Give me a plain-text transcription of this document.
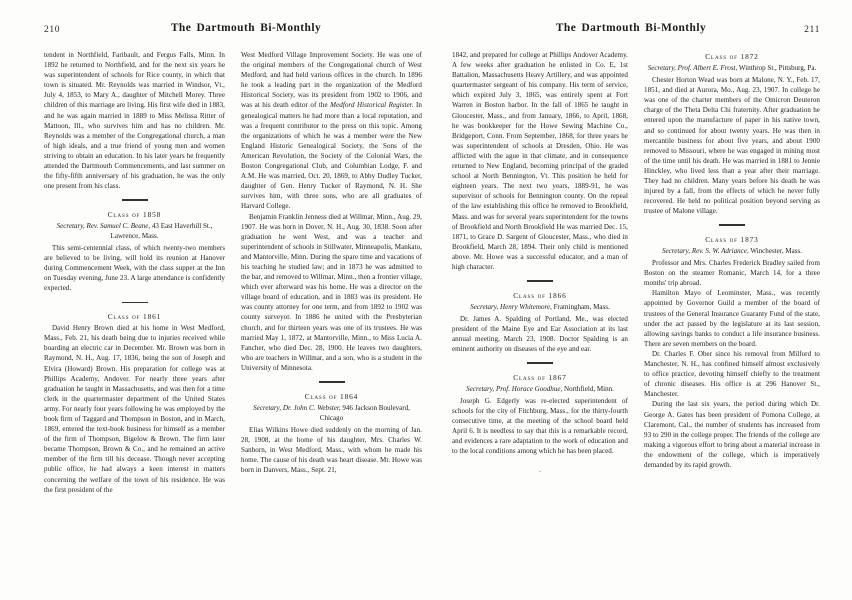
210	The Dartmouth Bi-Monthly

tendent in Northfield, Faribault, and Fergus Falls, Minn. In 1892 he returned to Northfield, and for the next six years he was superintendent of schools for Rice county, in which that town is situated. Mr. Reynolds was married in Windsor, Vt., July 4, 1853, to Mary A., daughter of Mitchell Morey. Three children of this marriage are living. His first wife died in 1883, and he was again married in 1889 to Miss Melissa Ritter of Mattoon, Ill., who survives him and has no children. Mr. Reynolds was a member of the Congregational church, a man of high ideals, and a true friend of young men and women striving to obtain an education. In his later years he frequently attended the Dartmouth Commencements, and last summer on the fifty-fifth anniversary of his graduation, he was the only one present from his class.

Class of 1858
Secretary, Rev. Samuel C. Beane, 43 East Haverhill St., Lawrence, Mass.

This semi-centennial class, of which twenty-two members are believed to be living, will hold its reunion at Hanover during Commencement Week, with the class supper at the Inn on Tuesday evening, June 23. A large attendance is confidently expected.

Class of 1861

David Henry Brown died at his home in West Medford, Mass., Feb. 21, his death being due to injuries received while boarding an electric car in December. Mr. Brown was born in Raymond, N. H., Aug. 17, 1836, being the son of Joseph and Elvira (Howard) Brown. His preparation for college was at Phillips Academy, Andover. For nearly three years after graduation he taught in Massachusetts, and was then for a time clerk in the quartermaster department of the United States army. For nearly four years following he was employed by the book firm of Taggard and Thompson in Boston, and in March, 1869, entered the text-book business for himself as a member of the firm of Thompson, Bigelow & Brown. The firm later became Thompson, Brown & Co., and he remained an active member of the firm till his decease. Though never accepting public office, he had always a keen interest in matters concerning the welfare of the town of his residence. He was the first president of the

West Medford Village Improvement Society. He was one of the original members of the Congregational church of West Medford, and had held various offices in the church. In 1896 he took a leading part in the organization of the Medford Historical Society, was its president from 1902 to 1906, and was at his death editor of the Medford Historical Register. In genealogical matters he had more than a local reputation, and was a frequent contributor to the press on this topic. Among the organizations of which he was a member were the New England Historic Genealogical Society, the Sons of the American Revolution, the Society of the Colonial Wars, the Boston Congregational Club, and Columbian Lodge, F. and A.M. He was married, Oct. 20, 1869, to Abby Dudley Tucker, daughter of Gen. Henry Tucker of Raymond, N. H. She survives him, with three sons, who are all graduates of Harvard College.

Benjamin Franklin Jenness died at Willmar, Minn., Aug. 29, 1907. He was born in Dover, N. H., Aug. 30, 1838. Soon after graduation he went West, and was a teacher and superintendent of schools in Stillwater, Minneapolis, Mankato, and Mantorville, Minn. During the spare time and vacations of his teaching he studied law; and in 1873 he was admitted to the bar, and removed to Willmar, Minn., then a frontier village, which ever afterward was his home. He was a director on the village board of education, and in 1883 was its president. He was county attorney for one term, and from 1892 to 1902 was county surveyor. In 1886 he united with the Presbyterian church, and for thirteen years was one of its trustees. He was married May 1, 1872, at Mantorville, Minn., to Miss Lucia A. Fancher, who died Dec. 28, 1900. He leaves two daughters, who are teachers in Willmar, and a son, who is a student in the University of Minnesota.

Class of 1864
Secretary, Dr. John C. Webster, 946 Jackson Boulevard, Chicago

Elias Wilkins Howe died suddenly on the morning of Jan. 28, 1908, at the home of his daughter, Mrs. Charles W. Sanborn, in West Medford, Mass., with whom he made his home. The cause of his death was heart disease. Mr. Howe was born in Danvers, Mass., Sept. 21,

211
The Dartmouth Bi-Monthly

1842, and prepared for college at Phillips Andover Academy. A few weeks after graduation he enlisted in Co. E, 1st Battalion, Massachusetts Heavy Artillery, and was appointed quartermaster sergeant of his company. His term of service, which expired July 3, 1865, was entirely spent at Fort Warren in Boston harbor. In the fall of 1865 he taught in Gloucester, Mass., and from January, 1866, to April, 1868, he was bookkeeper for the Howe Sewing Machine Co., Bridgeport, Conn. From September, 1868, for three years he was superintendent of schools at Dresden, Ohio. He was afflicted with the ague in that climate, and in consequence returned to New England, becoming principal of the graded school at North Bennington, Vt. This position he held for eighteen years. The next two years, 1889-91, he was supervisor of schools for Bennington county. On the repeal of the law establishing this office he removed to Brookfield, Mass. and was for several years superintendent for the towns of Brookfield and North Brookfield He was married Dec. 15, 1871, to Grace D. Sargent of Gloucester, Mass., who died in Brookfield, March 28, 1894. Their only child is mentioned above. Mr. Howe was a successful educator, and a man of high character.

Class of 1866
Secretary, Henry Whitemore, Framingham, Mass.

Dr. James A. Spalding of Portland, Me., was elected president of the Maine Eye and Ear Association at its last annual meeting, March 23, 1908. Doctor Spalding is an eminent authority on diseases of the eye and ear.

Class of 1867
Secretary, Prof. Horace Goodhue, Northfield, Minn.

Joseph G. Edgerly was re-elected superintendent of schools for the city of Fitchburg, Mass., for the thirty-fourth consecutive time, at the meeting of the school board held April 6. It is needless to say that this is a remarkable record, and evidences a rare adaptation to the work of education and to the local conditions among which he has been placed.

.
Class of 1872
Secretary, Prof. Albert E. Frost, Winthrop St., Pittsburg, Pa.

Chester Horton Wead was born at Malone, N. Y., Feb. 17, 1851, and died at Aurora, Mo., Aug. 23, 1907. In college he was one of the charter members of the Omicron Deuteron charge of the Theta Delta Chi fraternity. After graduation he entered upon the manufacture of paper in his native town, and so continued for about twenty years. He was then in mercantile business for about five years, and about 1900 removed to Missouri, where he was engaged in mining most of the time until his death. He was married in 1881 to Jennie Hinckley, who lived less than a year after their marriage. They had no children. Many years before his death he was injured by a fall, from the effects of which he never fully recovered. He held no political position beyond serving as trustee of Malone village.

Class of 1873
Secretary, Rev. S. W. Adriance, Winchester, Mass.

Professor and Mrs. Charles Frederick Bradley sailed from Boston on the steamer Romanic, March 14, for a three months' trip abroad.

Hamilton Mayo of Leominster, Mass., was recently appointed by Governor Guild a member of the board of trustees of the General Insurance Guaranty Fund of the state, under the act passed by the legislature at its last session, allowing savings banks to conduct a life insurance business. There are seven members on the board.

Dr. Charles F. Ober since his removal from Milford to Manchester, N. H., has confined himself almost exclusively to office practice, devoting himself chiefly to the treatment of chronic diseases. His office is at 296 Hanover St., Manchester.

During the last six years, the period during which Dr. George A. Gates has been president of Pomona College, at Claremont, Cal., the number of students has increased from 93 to 290 in the college proper. The friends of the college are making a vigorous effort to bring about a material increase in the endowment of the college, which is imperatively demanded by its rapid growth.
